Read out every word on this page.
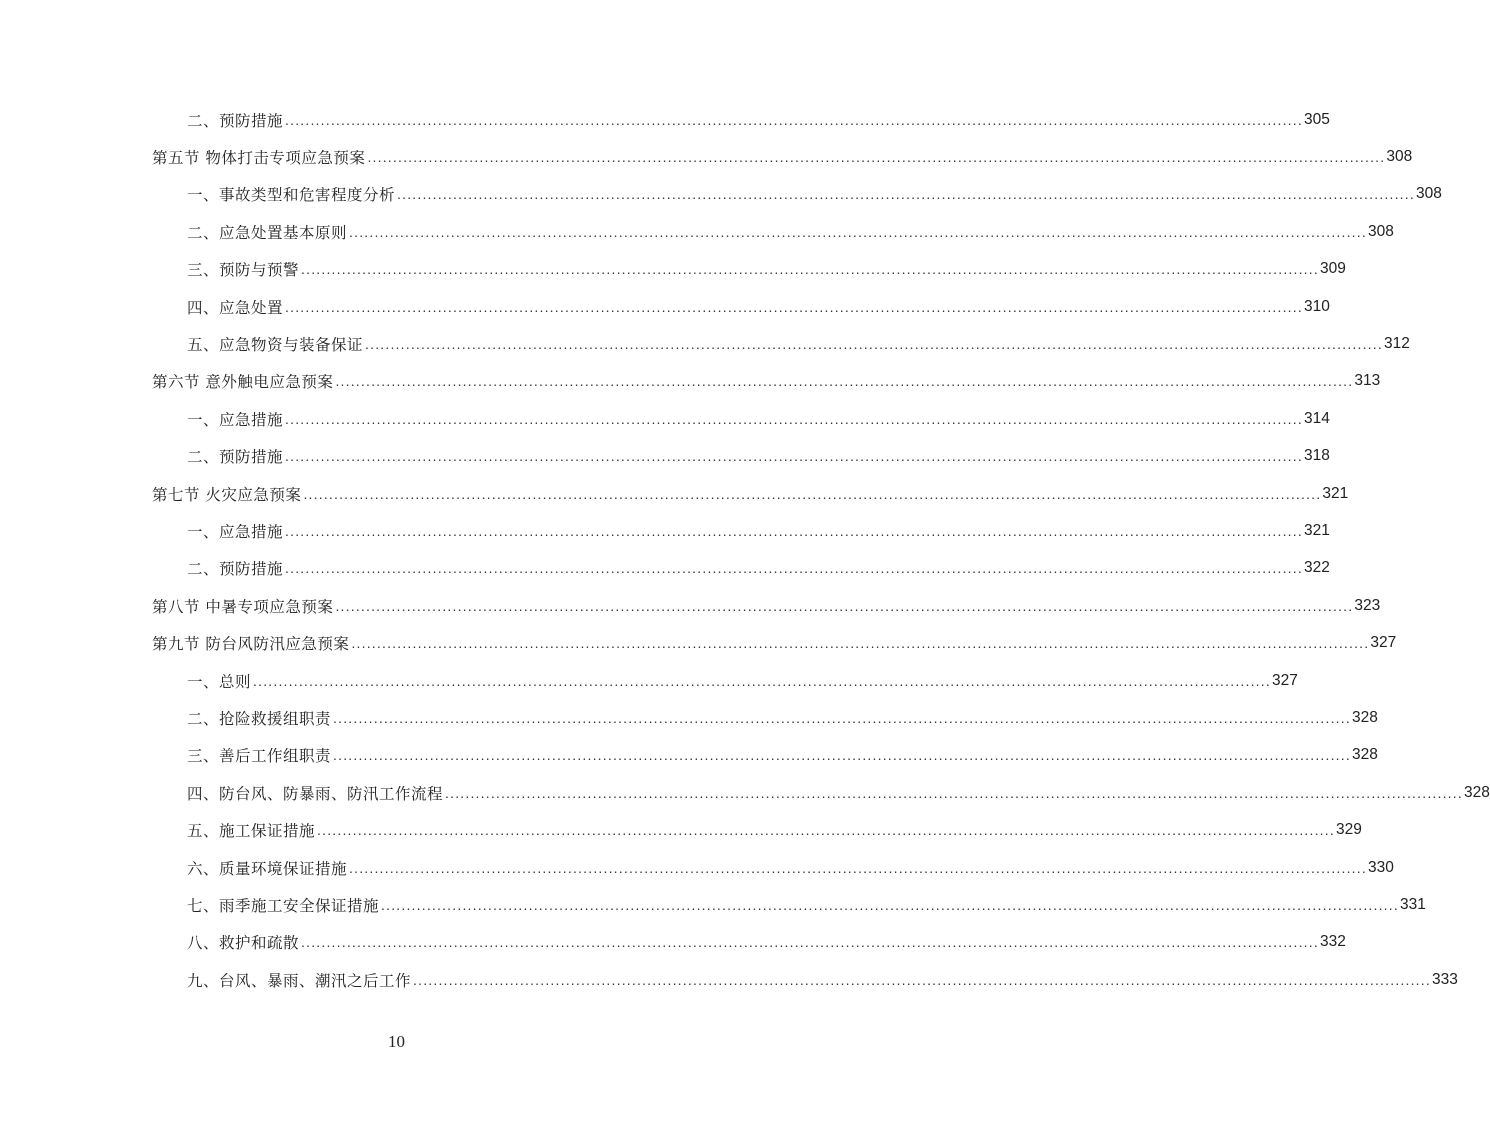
二、预防措施 ........................................................................................................................................................................................................ 305
第五节 物体打击专项应急预案 ........................................................................................................................................................................................................ 308
一、事故类型和危害程度分析 ........................................................................................................................................................................................................ 308
二、应急处置基本原则 ........................................................................................................................................................................................................ 308
三、预防与预警 ........................................................................................................................................................................................................ 309
四、应急处置 ........................................................................................................................................................................................................ 310
五、应急物资与装备保证 ........................................................................................................................................................................................................ 312
第六节 意外触电应急预案 ........................................................................................................................................................................................................ 313
一、应急措施 ........................................................................................................................................................................................................ 314
二、预防措施 ........................................................................................................................................................................................................ 318
第七节 火灾应急预案 ........................................................................................................................................................................................................ 321
一、应急措施 ........................................................................................................................................................................................................ 321
二、预防措施 ........................................................................................................................................................................................................ 322
第八节 中暑专项应急预案 ........................................................................................................................................................................................................ 323
第九节 防台风防汛应急预案 ........................................................................................................................................................................................................ 327
一、总则 ........................................................................................................................................................................................................ 327
二、抢险救援组职责 ........................................................................................................................................................................................................ 328
三、善后工作组职责 ........................................................................................................................................................................................................ 328
四、防台风、防暴雨、防汛工作流程 ........................................................................................................................................................................................................ 328
五、施工保证措施 ........................................................................................................................................................................................................ 329
六、质量环境保证措施 ........................................................................................................................................................................................................ 330
七、雨季施工安全保证措施 ........................................................................................................................................................................................................ 331
八、救护和疏散 ........................................................................................................................................................................................................ 332
九、台风、暴雨、潮汛之后工作 ........................................................................................................................................................................................................ 333
10
